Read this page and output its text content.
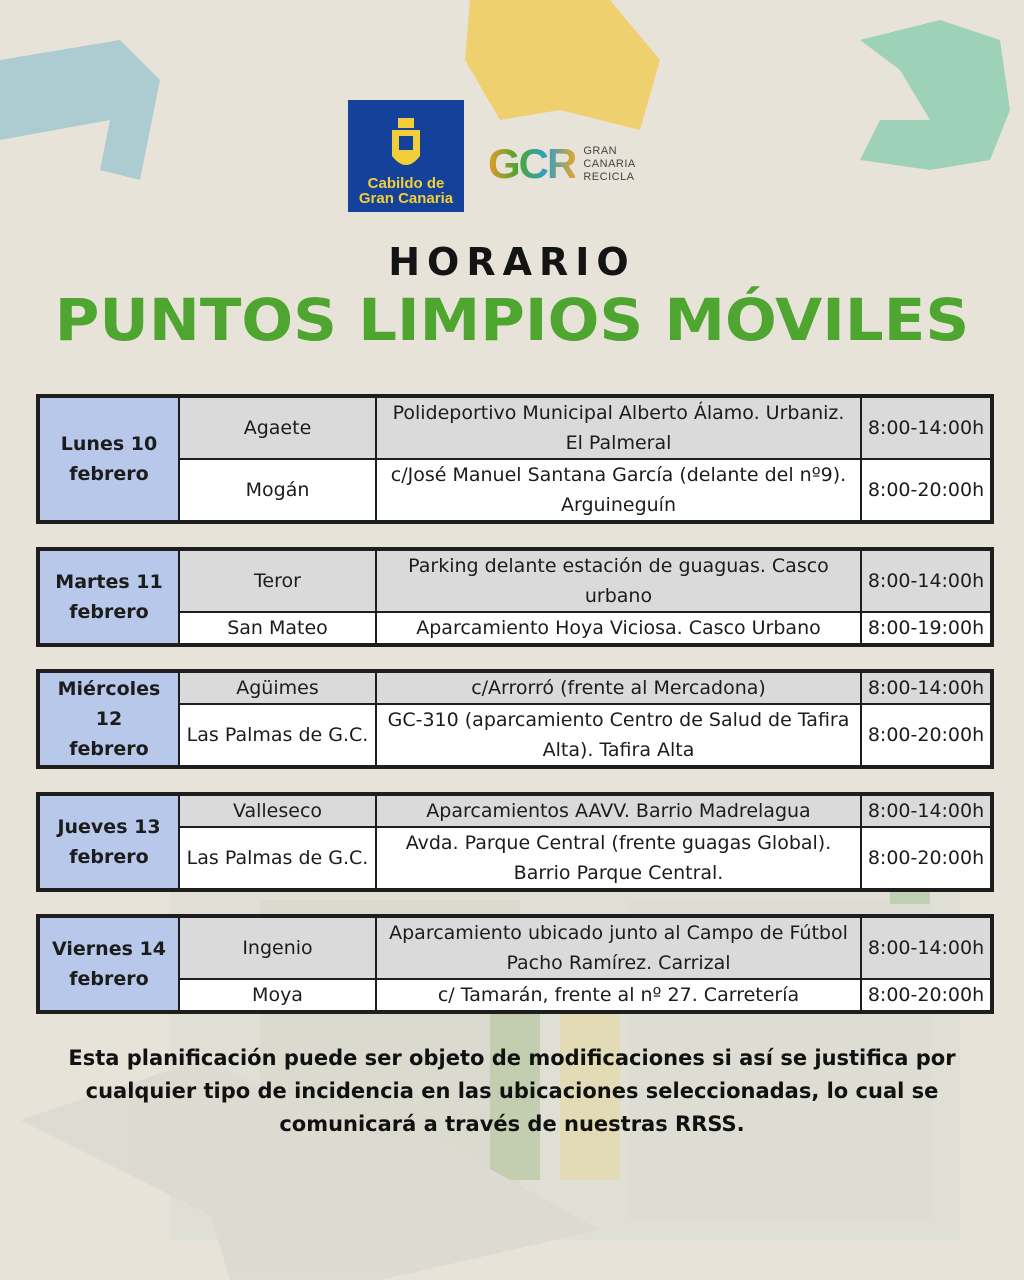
Cabildo de
Gran Canaria
GCR GRAN
CANARIA
RECICLA
HORARIO
PUNTOS LIMPIOS MÓVILES
Lunes 10
febrero	Agaete	Polideportivo Municipal Alberto Álamo. Urbaniz. El Palmeral	8:00-14:00h
	Mogán	c/José Manuel Santana García (delante del nº9). Arguineguín	8:00-20:00h
Martes 11
febrero	Teror	Parking delante estación de guaguas. Casco urbano	8:00-14:00h
	San Mateo	Aparcamiento Hoya Viciosa. Casco Urbano	8:00-19:00h
Miércoles 12
febrero	Agüimes	c/Arrorró (frente al Mercadona)	8:00-14:00h
	Las Palmas de G.C.	GC-310 (aparcamiento Centro de Salud de Tafira Alta). Tafira Alta	8:00-20:00h
Jueves 13
febrero	Valleseco	Aparcamientos AAVV. Barrio Madrelagua	8:00-14:00h
	Las Palmas de G.C.	Avda. Parque Central (frente guagas Global). Barrio Parque Central.	8:00-20:00h
Viernes 14
febrero	Ingenio	Aparcamiento ubicado junto al Campo de Fútbol Pacho Ramírez. Carrizal	8:00-14:00h
	Moya	c/ Tamarán, frente al nº 27. Carretería	8:00-20:00h
Esta planificación puede ser objeto de modificaciones si así se justifica por cualquier tipo de incidencia en las ubicaciones seleccionadas, lo cual se comunicará a través de nuestras RRSS.
